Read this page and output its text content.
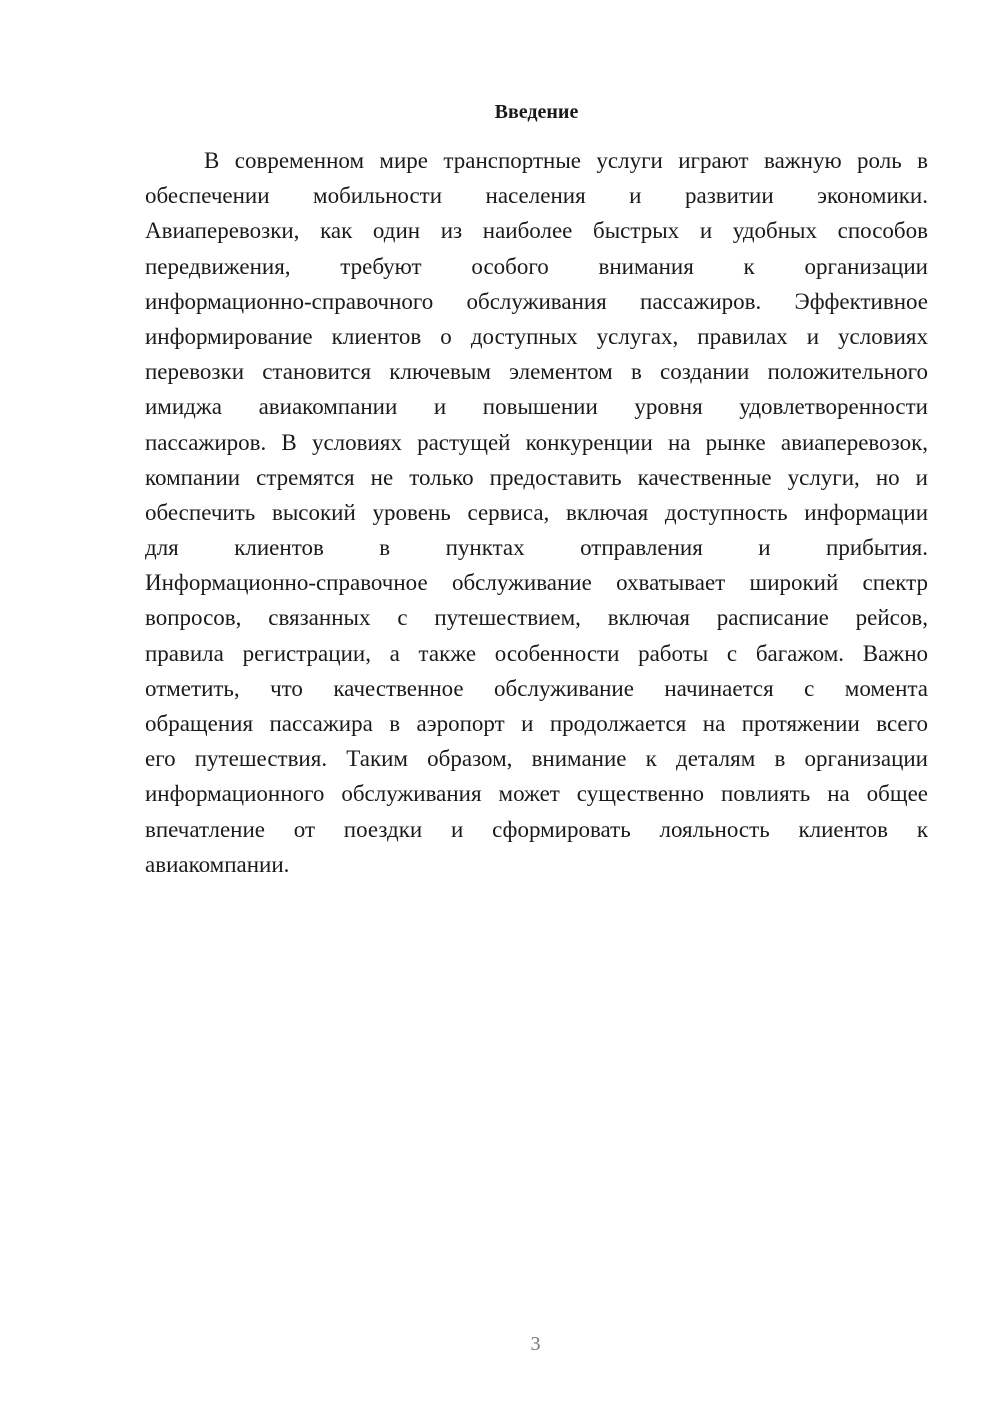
Введение
В современном мире транспортные услуги играют важную роль в
обеспечении мобильности населения и развитии экономики.
Авиаперевозки, как один из наиболее быстрых и удобных способов
передвижения, требуют особого внимания к организации
информационно-справочного обслуживания пассажиров. Эффективное
информирование клиентов о доступных услугах, правилах и условиях
перевозки становится ключевым элементом в создании положительного
имиджа авиакомпании и повышении уровня удовлетворенности
пассажиров. В условиях растущей конкуренции на рынке авиаперевозок,
компании стремятся не только предоставить качественные услуги, но и
обеспечить высокий уровень сервиса, включая доступность информации
для клиентов в пунктах отправления и прибытия.
Информационно-справочное обслуживание охватывает широкий спектр
вопросов, связанных с путешествием, включая расписание рейсов,
правила регистрации, а также особенности работы с багажом. Важно
отметить, что качественное обслуживание начинается с момента
обращения пассажира в аэропорт и продолжается на протяжении всего
его путешествия. Таким образом, внимание к деталям в организации
информационного обслуживания может существенно повлиять на общее
впечатление от поездки и сформировать лояльность клиентов к
авиакомпании.
3
